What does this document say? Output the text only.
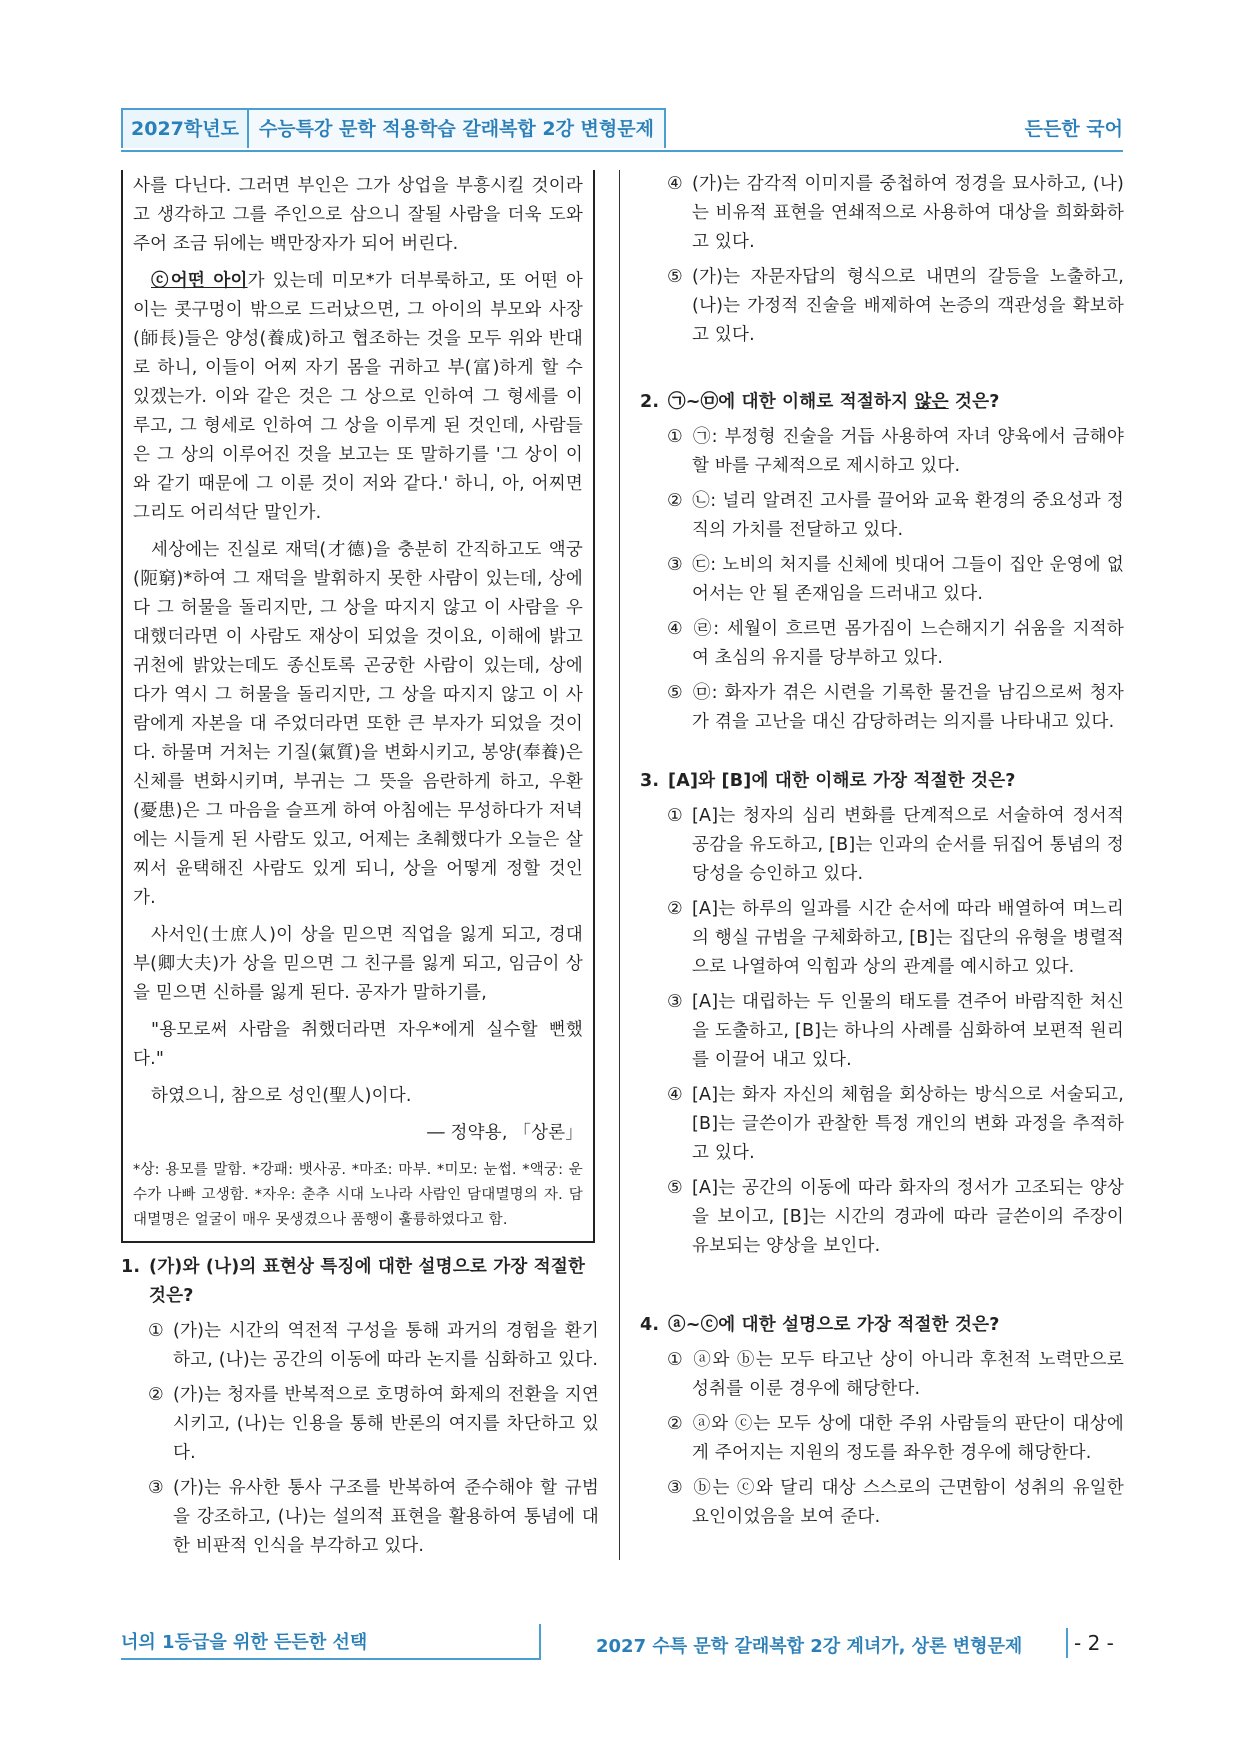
2027학년도	수능특강 문학 적용학습 갈래복합 2강 변형문제	든든한 국어

사를 다닌다. 그러면 부인은 그가 상업을 부흥시킬 것이라 고 생각하고 그를 주인으로 삼으니 잘될 사람을 더욱 도와주어 조금 뒤에는 백만장자가 되어 버린다.

ⓒ어떤 아이가 있는데 미모*가 더부룩하고, 또 어떤 아이는 콧구멍이 밖으로 드러났으면, 그 아이의 부모와 사장(師長)들은 양성(養成)하고 협조하는 것을 모두 위와 반대로 하니, 이들이 어찌 자기 몸을 귀하고 부(富)하게 할 수 있겠는가. 이와 같은 것은 그 상으로 인하여 그 형세를 이루고, 그 형세로 인하여 그 상을 이루게 된 것인데, 사람들은 그 상의 이루어진 것을 보고는 또 말하기를 '그 상이 이와 같기 때문에 그 이룬 것이 저와 같다.' 하니, 아, 어찌면 그리도 어리석단 말인가.

세상에는 진실로 재덕(才德)을 충분히 간직하고도 액궁(阨窮)*하여 그 재덕을 발휘하지 못한 사람이 있는데, 상에다 그 허물을 돌리지만, 그 상을 따지지 않고 이 사람을 우대했더라면 이 사람도 재상이 되었을 것이요, 이해에 밝고 귀천에 밝았는데도 종신토록 곤궁한 사람이 있는데, 상에다가 역시 그 허물을 돌리지만, 그 상을 따지지 않고 이 사람에게 자본을 대 주었더라면 또한 큰 부자가 되었을 것이다. 하물며 거처는 기질(氣質)을 변화시키고, 봉양(奉養)은 신체를 변화시키며, 부귀는 그 뜻을 음란하게 하고, 우환(憂患)은 그 마음을 슬프게 하여 아침에는 무성하다가 저녁에는 시들게 된 사람도 있고, 어제는 초췌했다가 오늘은 살찌서 윤택해진 사람도 있게 되니, 상을 어떻게 정할 것인가.

사서인(士庶人)이 상을 믿으면 직업을 잃게 되고, 경대부(卿大夫)가 상을 믿으면 그 친구를 잃게 되고, 임금이 상을 믿으면 신하를 잃게 된다. 공자가 말하기를,

"용모로써 사람을 취했더라면 자우*에게 실수할 뻔했다."

하였으니, 참으로 성인(聖人)이다.

― 정약용, 「상론」

*상: 용모를 말함. *강패: 뱃사공. *마조: 마부. *미모: 눈썹. *액궁: 운수가 나빠 고생함. *자우: 춘추 시대 노나라 사람인 담대멸명의 자. 담대멸명은 얼굴이 매우 못생겼으나 품행이 훌륭하였다고 함.
1. (가)와 (나)의 표현상 특징에 대한 설명으로 가장 적절한 것은?
① (가)는 시간의 역전적 구성을 통해 과거의 경험을 환기하고, (나)는 공간의 이동에 따라 논지를 심화하고 있다.
② (가)는 청자를 반복적으로 호명하여 화제의 전환을 지연시키고, (나)는 인용을 통해 반론의 여지를 차단하고 있다.
③ (가)는 유사한 통사 구조를 반복하여 준수해야 할 규범을 강조하고, (나)는 설의적 표현을 활용하여 통념에 대한 비판적 인식을 부각하고 있다.
④ (가)는 감각적 이미지를 중첩하여 정경을 묘사하고, (나)는 비유적 표현을 연쇄적으로 사용하여 대상을 희화화하고 있다.
⑤ (가)는 자문자답의 형식으로 내면의 갈등을 노출하고, (나)는 가정적 진술을 배제하여 논증의 객관성을 확보하고 있다.
2. ㉠~㉤에 대한 이해로 적절하지 않은 것은?
① ㉠: 부정형 진술을 거듭 사용하여 자녀 양육에서 금해야 할 바를 구체적으로 제시하고 있다.
② ㉡: 널리 알려진 고사를 끌어와 교육 환경의 중요성과 정직의 가치를 전달하고 있다.
③ ㉢: 노비의 처지를 신체에 빗대어 그들이 집안 운영에 없어서는 안 될 존재임을 드러내고 있다.
④ ㉣: 세월이 흐르면 몸가짐이 느슨해지기 쉬움을 지적하여 초심의 유지를 당부하고 있다.
⑤ ㉤: 화자가 겪은 시련을 기록한 물건을 남김으로써 청자가 겪을 고난을 대신 감당하려는 의지를 나타내고 있다.
3. [A]와 [B]에 대한 이해로 가장 적절한 것은?
① [A]는 청자의 심리 변화를 단계적으로 서술하여 정서적 공감을 유도하고, [B]는 인과의 순서를 뒤집어 통념의 정당성을 승인하고 있다.
② [A]는 하루의 일과를 시간 순서에 따라 배열하여 며느리의 행실 규범을 구체화하고, [B]는 집단의 유형을 병렬적으로 나열하여 익힘과 상의 관계를 예시하고 있다.
③ [A]는 대립하는 두 인물의 태도를 견주어 바람직한 처신을 도출하고, [B]는 하나의 사례를 심화하여 보편적 원리를 이끌어 내고 있다.
④ [A]는 화자 자신의 체험을 회상하는 방식으로 서술되고, [B]는 글쓴이가 관찰한 특정 개인의 변화 과정을 추적하고 있다.
⑤ [A]는 공간의 이동에 따라 화자의 정서가 고조되는 양상을 보이고, [B]는 시간의 경과에 따라 글쓴이의 주장이 유보되는 양상을 보인다.
4. ⓐ~ⓒ에 대한 설명으로 가장 적절한 것은?
① ⓐ와 ⓑ는 모두 타고난 상이 아니라 후천적 노력만으로 성취를 이룬 경우에 해당한다.
② ⓐ와 ⓒ는 모두 상에 대한 주위 사람들의 판단이 대상에게 주어지는 지원의 정도를 좌우한 경우에 해당한다.
③ ⓑ는 ⓒ와 달리 대상 스스로의 근면함이 성취의 유일한 요인이었음을 보여 준다.
너의 1등급을 위한 든든한 선택	2027 수특 문학 갈래복합 2강 계녀가, 상론 변형문제	- 2 -
